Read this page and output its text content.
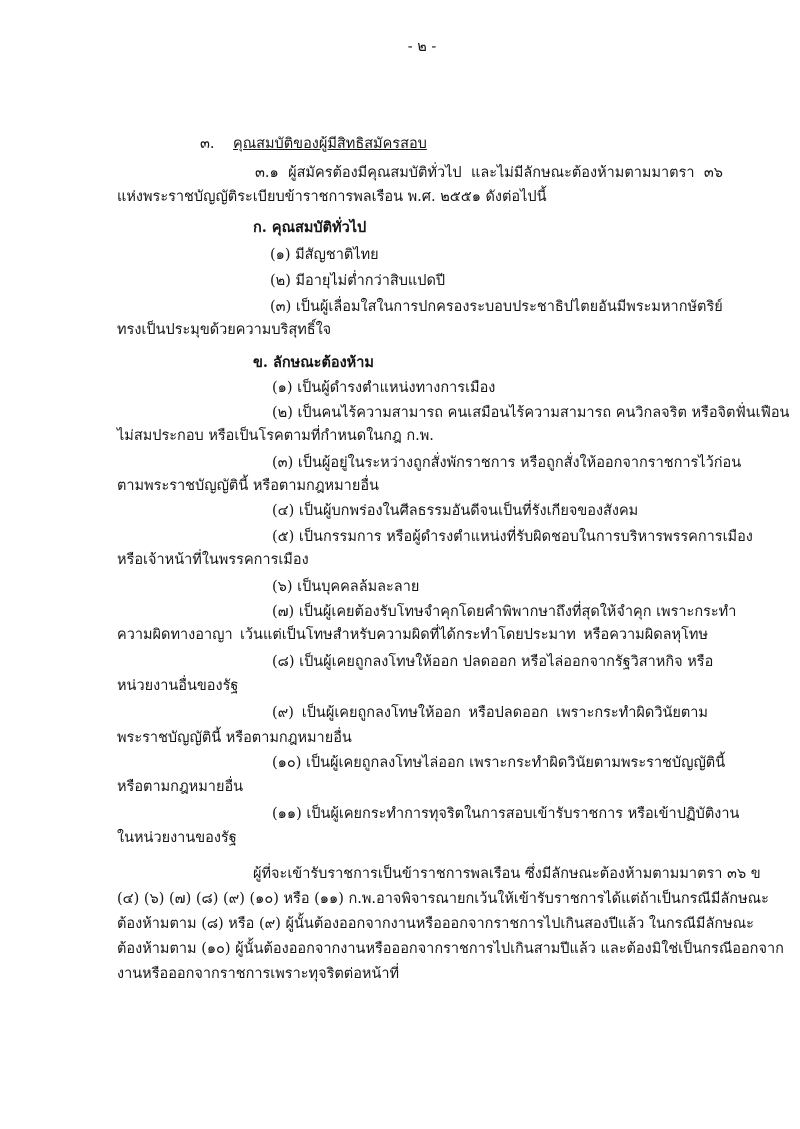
- ๒ -
๓. คุณสมบัติของผู้มีสิทธิสมัครสอบ
๓.๑ ผู้สมัครต้องมีคุณสมบัติทั่วไป และไม่มีลักษณะต้องห้ามตามมาตรา ๓๖
แห่งพระราชบัญญัติระเบียบข้าราชการพลเรือน พ.ศ. ๒๕๕๑ ดังต่อไปนี้
ก. คุณสมบัติทั่วไป
(๑) มีสัญชาติไทย
(๒) มีอายุไม่ต่ำกว่าสิบแปดปี
(๓) เป็นผู้เลื่อมใสในการปกครองระบอบประชาธิปไตยอันมีพระมหากษัตริย์
ทรงเป็นประมุขด้วยความบริสุทธิ์ใจ
ข. ลักษณะต้องห้าม
(๑) เป็นผู้ดำรงตำแหน่งทางการเมือง
(๒) เป็นคนไร้ความสามารถ คนเสมือนไร้ความสามารถ คนวิกลจริต หรือจิตฟั่นเฟือน
ไม่สมประกอบ หรือเป็นโรคตามที่กำหนดในกฎ ก.พ.
(๓) เป็นผู้อยู่ในระหว่างถูกสั่งพักราชการ หรือถูกสั่งให้ออกจากราชการไว้ก่อน
ตามพระราชบัญญัตินี้ หรือตามกฎหมายอื่น
(๔) เป็นผู้บกพร่องในศีลธรรมอันดีจนเป็นที่รังเกียจของสังคม
(๕) เป็นกรรมการ หรือผู้ดำรงตำแหน่งที่รับผิดชอบในการบริหารพรรคการเมือง
หรือเจ้าหน้าที่ในพรรคการเมือง
(๖) เป็นบุคคลล้มละลาย
(๗) เป็นผู้เคยต้องรับโทษจำคุกโดยคำพิพากษาถึงที่สุดให้จำคุก เพราะกระทำ
ความผิดทางอาญา เว้นแต่เป็นโทษสำหรับความผิดที่ได้กระทำโดยประมาท หรือความผิดลหุโทษ
(๘) เป็นผู้เคยถูกลงโทษให้ออก ปลดออก หรือไล่ออกจากรัฐวิสาหกิจ หรือ
หน่วยงานอื่นของรัฐ
(๙) เป็นผู้เคยถูกลงโทษให้ออก หรือปลดออก เพราะกระทำผิดวินัยตาม
พระราชบัญญัตินี้ หรือตามกฎหมายอื่น
(๑๐) เป็นผู้เคยถูกลงโทษไล่ออก เพราะกระทำผิดวินัยตามพระราชบัญญัตินี้
หรือตามกฎหมายอื่น
(๑๑) เป็นผู้เคยกระทำการทุจริตในการสอบเข้ารับราชการ หรือเข้าปฏิบัติงาน
ในหน่วยงานของรัฐ
ผู้ที่จะเข้ารับราชการเป็นข้าราชการพลเรือน ซึ่งมีลักษณะต้องห้ามตามมาตรา ๓๖ ข
(๔) (๖) (๗) (๘) (๙) (๑๐) หรือ (๑๑) ก.พ.อาจพิจารณายกเว้นให้เข้ารับราชการได้แต่ถ้าเป็นกรณีมีลักษณะ
ต้องห้ามตาม (๘) หรือ (๙) ผู้นั้นต้องออกจากงานหรือออกจากราชการไปเกินสองปีแล้ว ในกรณีมีลักษณะ
ต้องห้ามตาม (๑๐) ผู้นั้นต้องออกจากงานหรือออกจากราชการไปเกินสามปีแล้ว และต้องมิใช่เป็นกรณีออกจาก
งานหรือออกจากราชการเพราะทุจริตต่อหน้าที่
